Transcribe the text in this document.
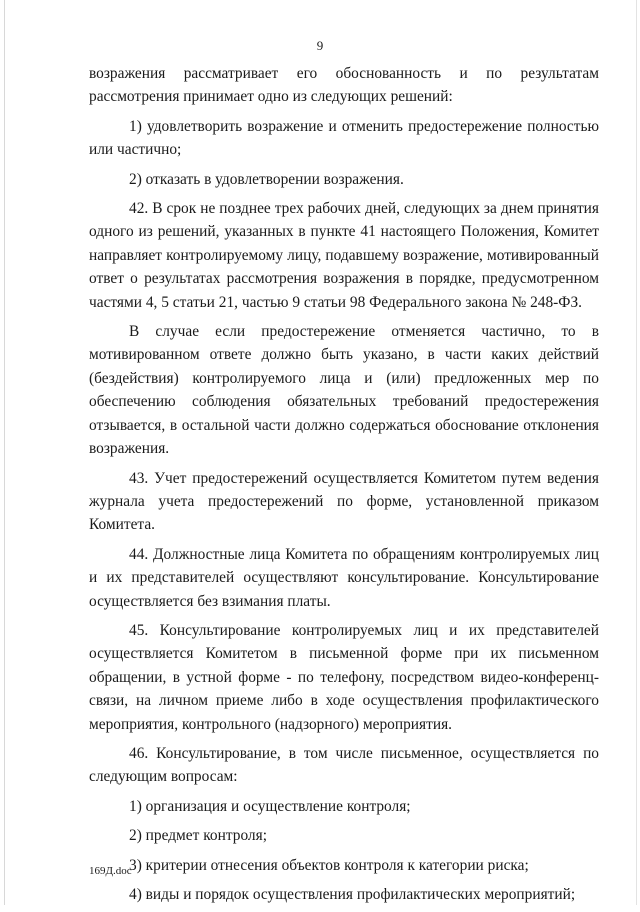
9

возражения рассматривает его обоснованность и по результатам рассмотрения принимает одно из следующих решений:

1) удовлетворить возражение и отменить предостережение полностью или частично;

2) отказать в удовлетворении возражения.

42. В срок не позднее трех рабочих дней, следующих за днем принятия одного из решений, указанных в пункте 41 настоящего Положения, Комитет направляет контролируемому лицу, подавшему возражение, мотивированный ответ о результатах рассмотрения возражения в порядке, предусмотренном частями 4, 5 статьи 21, частью 9 статьи 98 Федерального закона № 248-ФЗ.

В случае если предостережение отменяется частично, то в мотивированном ответе должно быть указано, в части каких действий (бездействия) контролируемого лица и (или) предложенных мер по обеспечению соблюдения обязательных требований предостережения отзывается, в остальной части должно содержаться обоснование отклонения возражения.

43. Учет предостережений осуществляется Комитетом путем ведения журнала учета предостережений по форме, установленной приказом Комитета.

44. Должностные лица Комитета по обращениям контролируемых лиц и их представителей осуществляют консультирование. Консультирование осуществляется без взимания платы.

45. Консультирование контролируемых лиц и их представителей осуществляется Комитетом в письменной форме при их письменном обращении, в устной форме - по телефону, посредством видео-конференц-связи, на личном приеме либо в ходе осуществления профилактического мероприятия, контрольного (надзорного) мероприятия.

46. Консультирование, в том числе письменное, осуществляется по следующим вопросам:

1) организация и осуществление контроля;

2) предмет контроля;

3) критерии отнесения объектов контроля к категории риска;

4) виды и порядок осуществления профилактических мероприятий;

169Д.doc
